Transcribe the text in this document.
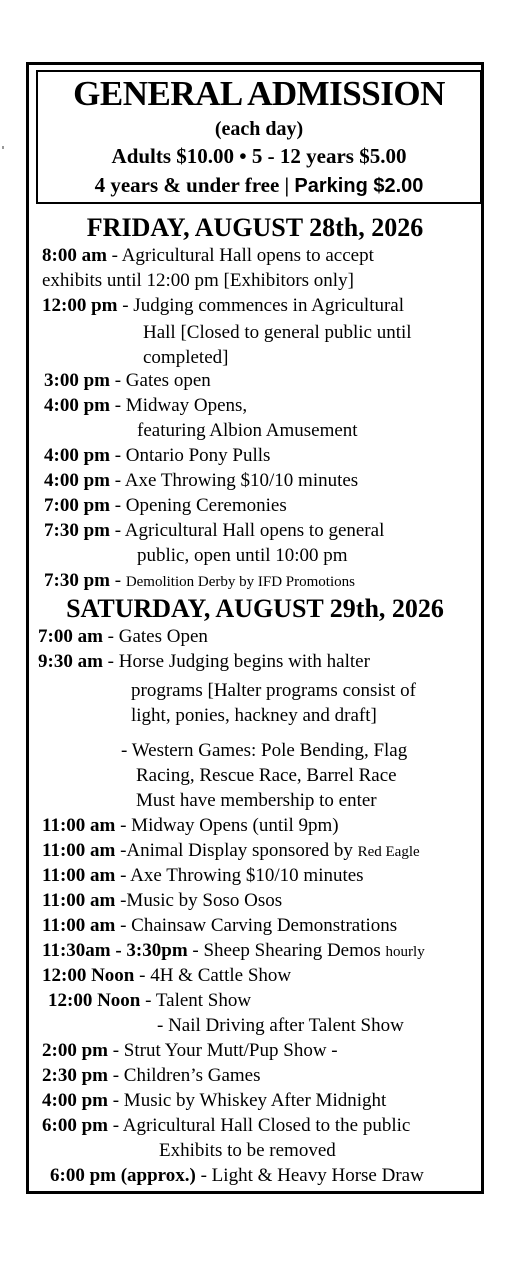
GENERAL ADMISSION
(each day)
Adults $10.00 • 5 - 12 years $5.00
4 years & under free | Parking $2.00
FRIDAY, AUGUST 28th, 2026
8:00 am - Agricultural Hall opens to accept
exhibits until 12:00 pm [Exhibitors only]
12:00 pm - Judging commences in Agricultural
Hall [Closed to general public until
completed]
3:00 pm - Gates open
4:00 pm - Midway Opens,
featuring Albion Amusement
4:00 pm - Ontario Pony Pulls
4:00 pm - Axe Throwing $10/10 minutes
7:00 pm - Opening Ceremonies
7:30 pm - Agricultural Hall opens to general
public, open until 10:00 pm
7:30 pm - Demolition Derby by IFD Promotions
SATURDAY, AUGUST 29th, 2026
7:00 am - Gates Open
9:30 am - Horse Judging begins with halter
programs [Halter programs consist of
light, ponies, hackney and draft]
- Western Games: Pole Bending, Flag
Racing, Rescue Race, Barrel Race
Must have membership to enter
11:00 am - Midway Opens (until 9pm)
11:00 am -Animal Display sponsored by Red Eagle
11:00 am - Axe Throwing $10/10 minutes
11:00 am -Music by Soso Osos
11:00 am - Chainsaw Carving Demonstrations
11:30am - 3:30pm - Sheep Shearing Demos hourly
12:00 Noon - 4H & Cattle Show
12:00 Noon - Talent Show
- Nail Driving after Talent Show
2:00 pm - Strut Your Mutt/Pup Show -
2:30 pm - Children’s Games
4:00 pm - Music by Whiskey After Midnight
6:00 pm - Agricultural Hall Closed to the public
Exhibits to be removed
6:00 pm (approx.) - Light & Heavy Horse Draw
